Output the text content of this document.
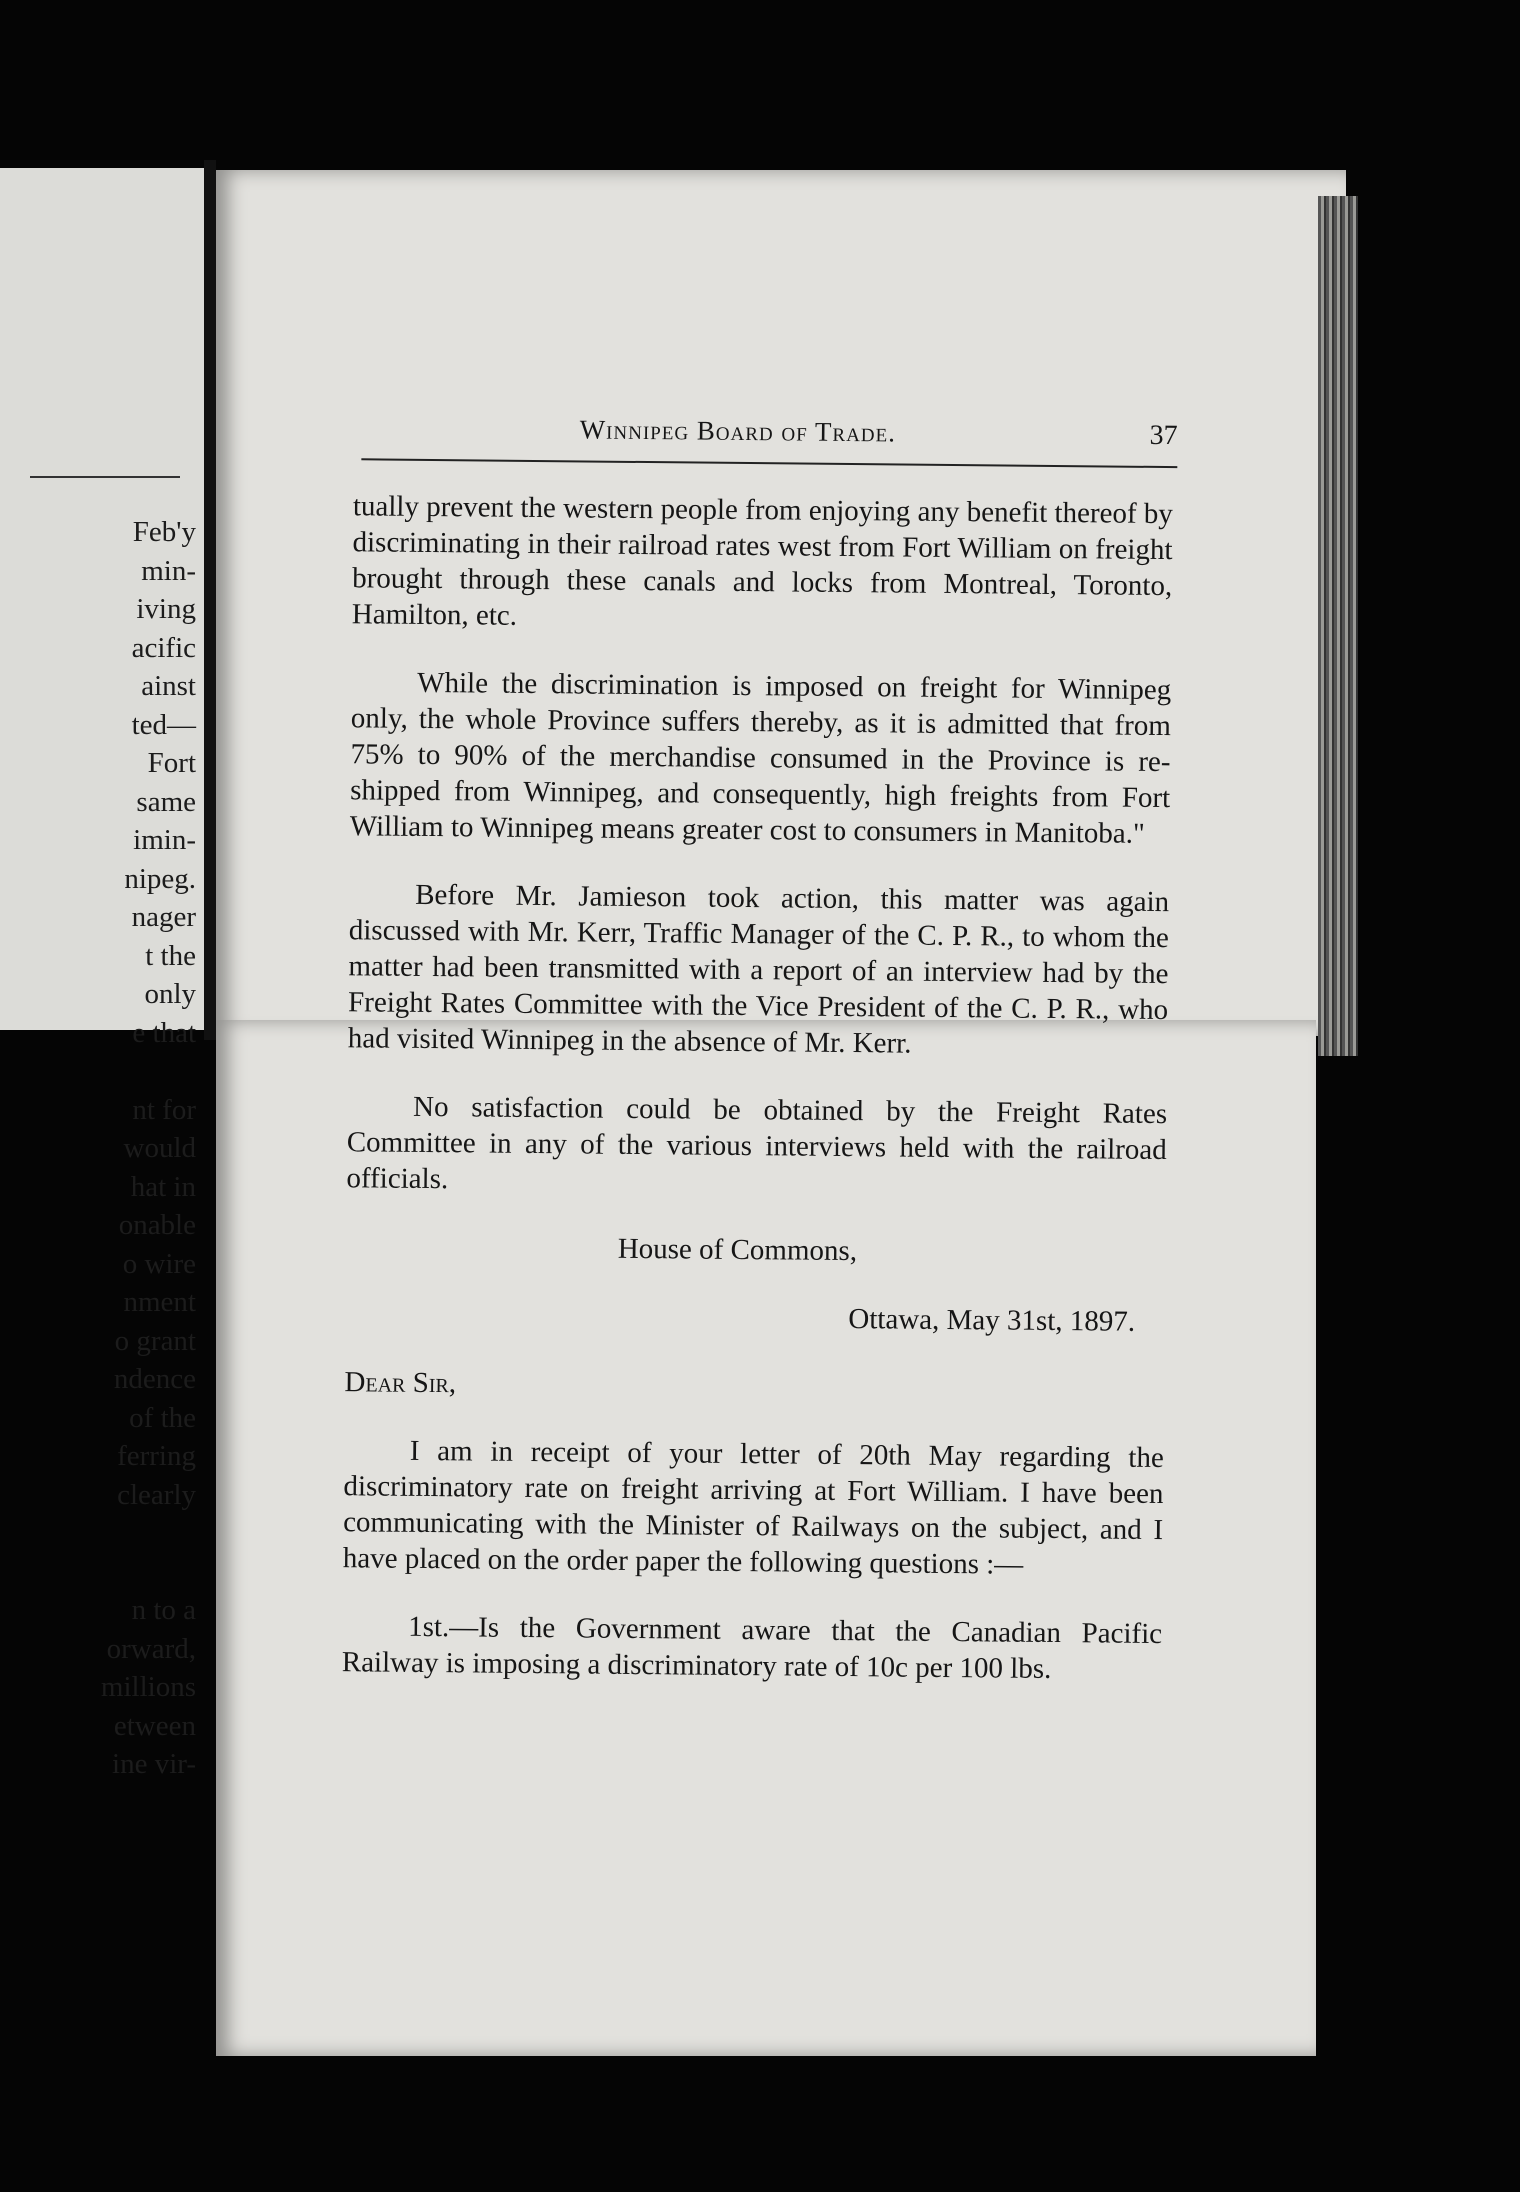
Feb'y
min-
iving
acific
ainst
ted—
Fort
same
imin-
nipeg.
nager
t the
only
e that
nt for
would
hat in
onable
o wire
nment
o grant
ndence
of the
ferring
clearly
n to a
orward,
millions
etween
ine vir-
Winnipeg Board of Trade.	37

tually prevent the western people from enjoying any benefit thereof by discriminating in their railroad rates west from Fort William on freight brought through these canals and locks from Montreal, Toronto, Hamilton, etc.

While the discrimination is imposed on freight for Winnipeg only, the whole Province suffers thereby, as it is admitted that from 75% to 90% of the merchandise consumed in the Province is re-shipped from Winnipeg, and consequently, high freights from Fort William to Winnipeg means greater cost to consumers in Manitoba."

Before Mr. Jamieson took action, this matter was again discussed with Mr. Kerr, Traffic Manager of the C. P. R., to whom the matter had been transmitted with a report of an interview had by the Freight Rates Committee with the Vice President of the C. P. R., who had visited Winnipeg in the absence of Mr. Kerr.

No satisfaction could be obtained by the Freight Rates Committee in any of the various interviews held with the railroad officials.

House of Commons,

Ottawa, May 31st, 1897.

Dear Sir,

I am in receipt of your letter of 20th May regarding the discriminatory rate on freight arriving at Fort William. I have been communicating with the Minister of Railways on the subject, and I have placed on the order paper the following questions :—

1st.—Is the Government aware that the Canadian Pacific Railway is imposing a discriminatory rate of 10c per 100 lbs.
